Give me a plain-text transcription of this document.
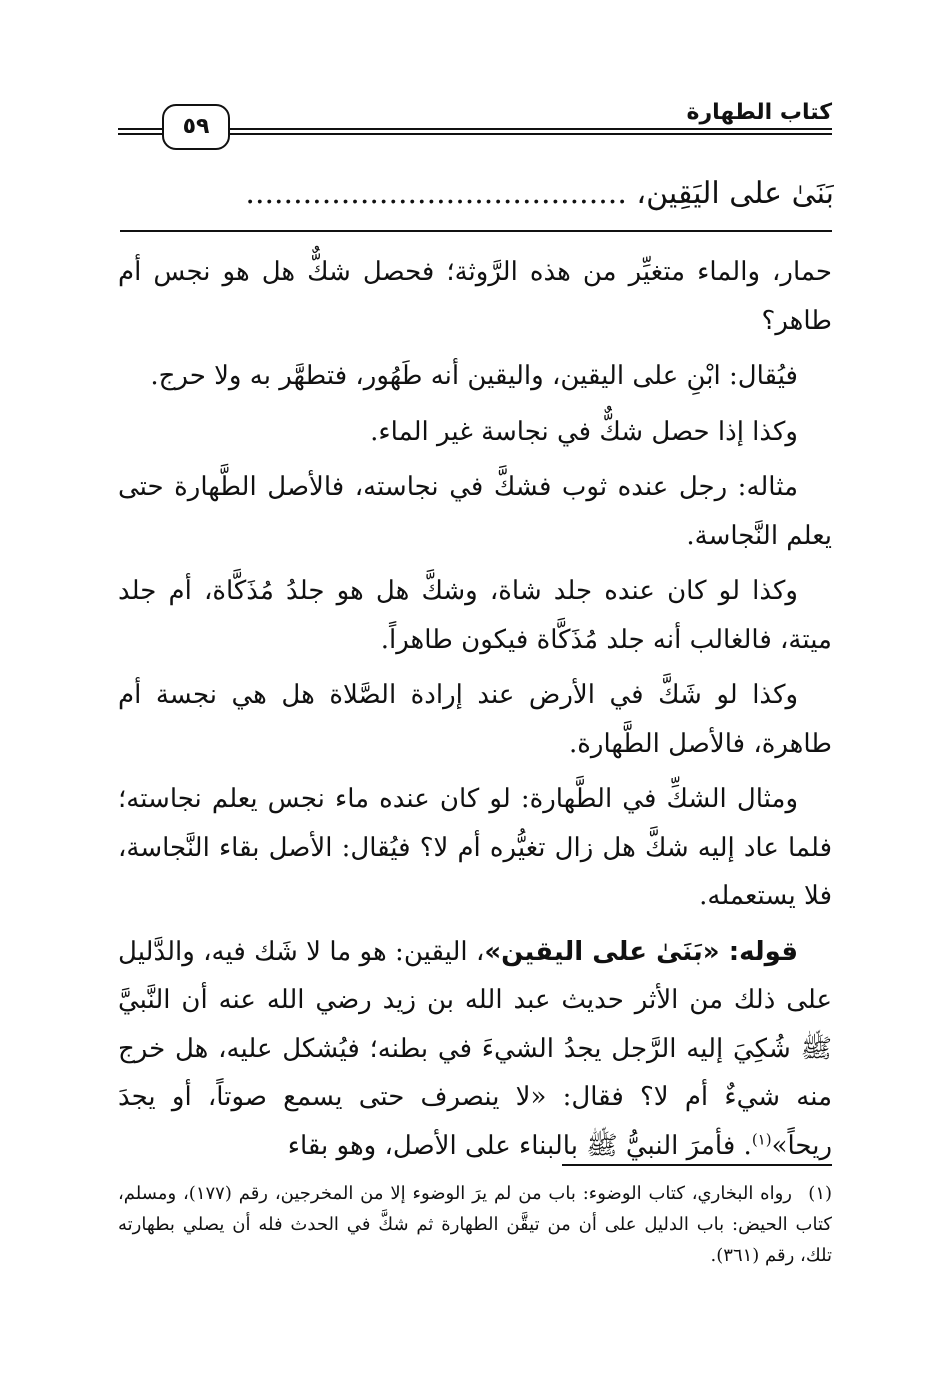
كتاب الطهارة
٥٩
بَنَىٰ على اليَقِين، ........................................

حمار، والماء متغيِّر من هذه الرَّوثة؛ فحصل شكٌّ هل هو نجس أم طاهر؟

فيُقال: ابْنِ على اليقين، واليقين أنه طَهُور، فتطهَّر به ولا حرج.

وكذا إذا حصل شكٌّ في نجاسة غير الماء.

مثاله: رجل عنده ثوب فشكَّ في نجاسته، فالأصل الطَّهارة حتى يعلم النَّجاسة.

وكذا لو كان عنده جلد شاة، وشكَّ هل هو جلدُ مُذَكَّاة، أم جلد ميتة، فالغالب أنه جلد مُذَكَّاة فيكون طاهراً.

وكذا لو شَكَّ في الأرض عند إرادة الصَّلاة هل هي نجسة أم طاهرة، فالأصل الطَّهارة.

ومثال الشكِّ في الطَّهارة: لو كان عنده ماء نجس يعلم نجاسته؛ فلما عاد إليه شكَّ هل زال تغيُّره أم لا؟ فيُقال: الأصل بقاء النَّجاسة، فلا يستعمله.

قوله: «بَنَىٰ على اليقين»، اليقين: هو ما لا شَك فيه، والدَّليل على ذلك من الأثر حديث عبد الله بن زيد رضي الله عنه أن النَّبيَّ ﷺ شُكِيَ إليه الرَّجل يجدُ الشيءَ في بطنه؛ فيُشكل عليه، هل خرج منه شيءٌ أم لا؟ فقال: «لا ينصرف حتى يسمع صوتاً، أو يجدَ ريحاً»$^{(١)}$. فأمرَ النبيُّ ﷺ بالبناء على الأصل، وهو بقاء

(١)رواه البخاري، كتاب الوضوء: باب من لم يرَ الوضوء إلا من المخرجين، رقم (١٧٧)، ومسلم، كتاب الحيض: باب الدليل على أن من تيقَّن الطهارة ثم شكَّ في الحدث فله أن يصلي بطهارته تلك، رقم (٣٦١).
